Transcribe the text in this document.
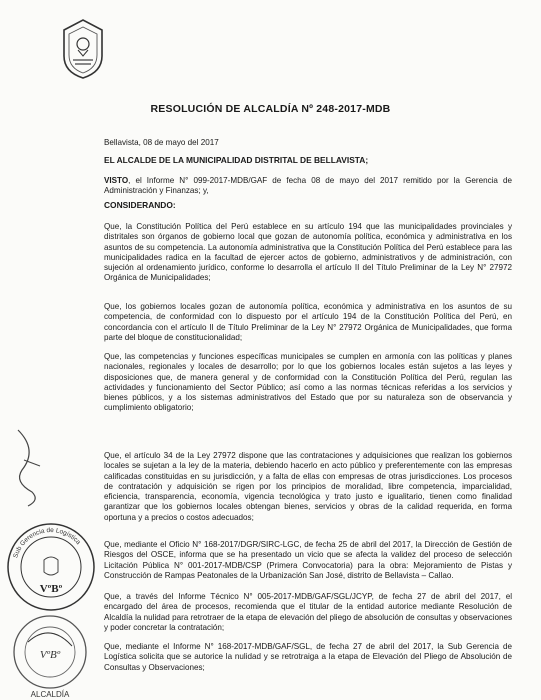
RESOLUCIÓN DE ALCALDÍA Nº 248-2017-MDB
Bellavista, 08 de mayo del 2017
EL ALCALDE DE LA MUNICIPALIDAD DISTRITAL DE BELLAVISTA;
VISTO, el Informe N° 099-2017-MDB/GAF de fecha 08 de mayo del 2017 remitido por la Gerencia de Administración y Finanzas; y,
CONSIDERANDO:
Que, la Constitución Política del Perú establece en su artículo 194 que las municipalidades provinciales y distritales son órganos de gobierno local que gozan de autonomía política, económica y administrativa en los asuntos de su competencia. La autonomía administrativa que la Constitución Política del Perú establece para las municipalidades radica en la facultad de ejercer actos de gobierno, administrativos y de administración, con sujeción al ordenamiento jurídico, conforme lo desarrolla el artículo II del Título Preliminar de la Ley N° 27972 Orgánica de Municipalidades;
Que, los gobiernos locales gozan de autonomía política, económica y administrativa en los asuntos de su competencia, de conformidad con lo dispuesto por el artículo 194 de la Constitución Política del Perú, en concordancia con el artículo II de Título Preliminar de la Ley N° 27972 Orgánica de Municipalidades, que forma parte del bloque de constitucionalidad;
Que, las competencias y funciones específicas municipales se cumplen en armonía con las políticas y planes nacionales, regionales y locales de desarrollo; por lo que los gobiernos locales están sujetos a las leyes y disposiciones que, de manera general y de conformidad con la Constitución Política del Perú, regulan las actividades y funcionamiento del Sector Público; así como a las normas técnicas referidas a los servicios y bienes públicos, y a los sistemas administrativos del Estado que por su naturaleza son de observancia y cumplimiento obligatorio;
Que, el artículo 34 de la Ley 27972 dispone que las contrataciones y adquisiciones que realizan los gobiernos locales se sujetan a la ley de la materia, debiendo hacerlo en acto público y preferentemente con las empresas calificadas constituidas en su jurisdicción, y a falta de ellas con empresas de otras jurisdicciones. Los procesos de contratación y adquisición se rigen por los principios de moralidad, libre competencia, imparcialidad, eficiencia, transparencia, economía, vigencia tecnológica y trato justo e igualitario, tienen como finalidad garantizar que los gobiernos locales obtengan bienes, servicios y obras de la calidad requerida, en forma oportuna y a precios o costos adecuados;
Que, mediante el Oficio N° 168-2017/DGR/SIRC-LGC, de fecha 25 de abril del 2017, la Dirección de Gestión de Riesgos del OSCE, informa que se ha presentado un vicio que se afecta la validez del proceso de selección Licitación Pública N° 001-2017-MDB/CSP (Primera Convocatoria) para la obra: Mejoramiento de Pistas y Construcción de Rampas Peatonales de la Urbanización San José, distrito de Bellavista – Callao.
Que, a través del Informe Técnico N° 005-2017-MDB/GAF/SGL/JCYP, de fecha 27 de abril del 2017, el encargado del área de procesos, recomienda que el titular de la entidad autorice mediante Resolución de Alcaldía la nulidad para retrotraer de la etapa de elevación del pliego de absolución de consultas y observaciones y poder concretar la contratación;
Que, mediante el Informe N° 168-2017-MDB/GAF/SGL, de fecha 27 de abril del 2017, la Sub Gerencia de Logística solicita que se autorice la nulidad y se retrotraiga a la etapa de Elevación del Pliego de Absolución de Consultas y Observaciones;
VºBº
Sub Gerencia de Logística
VºBº
ALCALDÍA
